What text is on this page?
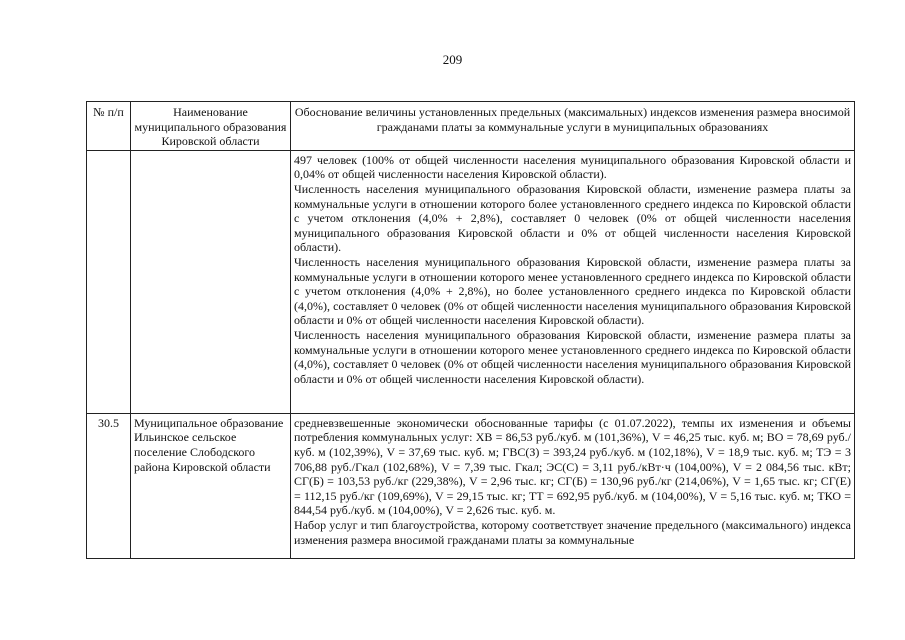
209
№ п/п	Наименование муниципального образования Кировской области	Обоснование величины установленных предельных (максимальных) индексов изменения размера вносимой гражданами платы за коммунальные услуги в муниципальных образованиях

		497 человек (100% от общей численности населения муниципального образования Кировской области и 0,04% от общей численности населения Кировской области).

Численность населения муниципального образования Кировской области, изменение размера платы за коммунальные услуги в отношении которого более установленного среднего индекса по Кировской области с учетом отклонения (4,0% + 2,8%), составляет 0 человек (0% от общей численности населения муниципального образования Кировской области и 0% от общей численности населения Кировской области).

Численность населения муниципального образования Кировской области, изменение размера платы за коммунальные услуги в отношении которого менее установленного среднего индекса по Кировской области с учетом отклонения (4,0% + 2,8%), но более установленного среднего индекса по Кировской области (4,0%), составляет 0 человек (0% от общей численности населения муниципального образования Кировской области и 0% от общей численности населения Кировской области).

Численность населения муниципального образования Кировской области, изменение размера платы за коммунальные услуги в отношении которого менее установленного среднего индекса по Кировской области (4,0%), составляет 0 человек (0% от общей численности населения муниципального образования Кировской области и 0% от общей численности населения Кировской области).

30.5	Муниципальное образование Ильинское сельское поселение Слободского района Кировской области	средневзвешенные экономически обоснованные тарифы (с 01.07.2022), темпы их изменения и объемы потребления коммунальных услуг: ХВ = 86,53 руб./куб. м (101,36%), V = 46,25 тыс. куб. м; ВО = 78,69 руб./куб. м (102,39%), V = 37,69 тыс. куб. м; ГВС(З) = 393,24 руб./куб. м (102,18%), V = 18,9 тыс. куб. м; ТЭ = 3 706,88 руб./Гкал (102,68%), V = 7,39 тыс. Гкал; ЭС(С) = 3,11 руб./кВт·ч (104,00%), V = 2 084,56 тыс. кВт; СГ(Б) = 103,53 руб./кг (229,38%), V = 2,96 тыс. кг; СГ(Б) = 130,96 руб./кг (214,06%), V = 1,65 тыс. кг; СГ(Е) = 112,15 руб./кг (109,69%), V = 29,15 тыс. кг; ТТ = 692,95 руб./куб. м (104,00%), V = 5,16 тыс. куб. м; ТКО = 844,54 руб./куб. м (104,00%), V = 2,626 тыс. куб. м.

Набор услуг и тип благоустройства, которому соответствует значение предельного (максимального) индекса изменения размера вносимой гражданами платы за коммунальные
